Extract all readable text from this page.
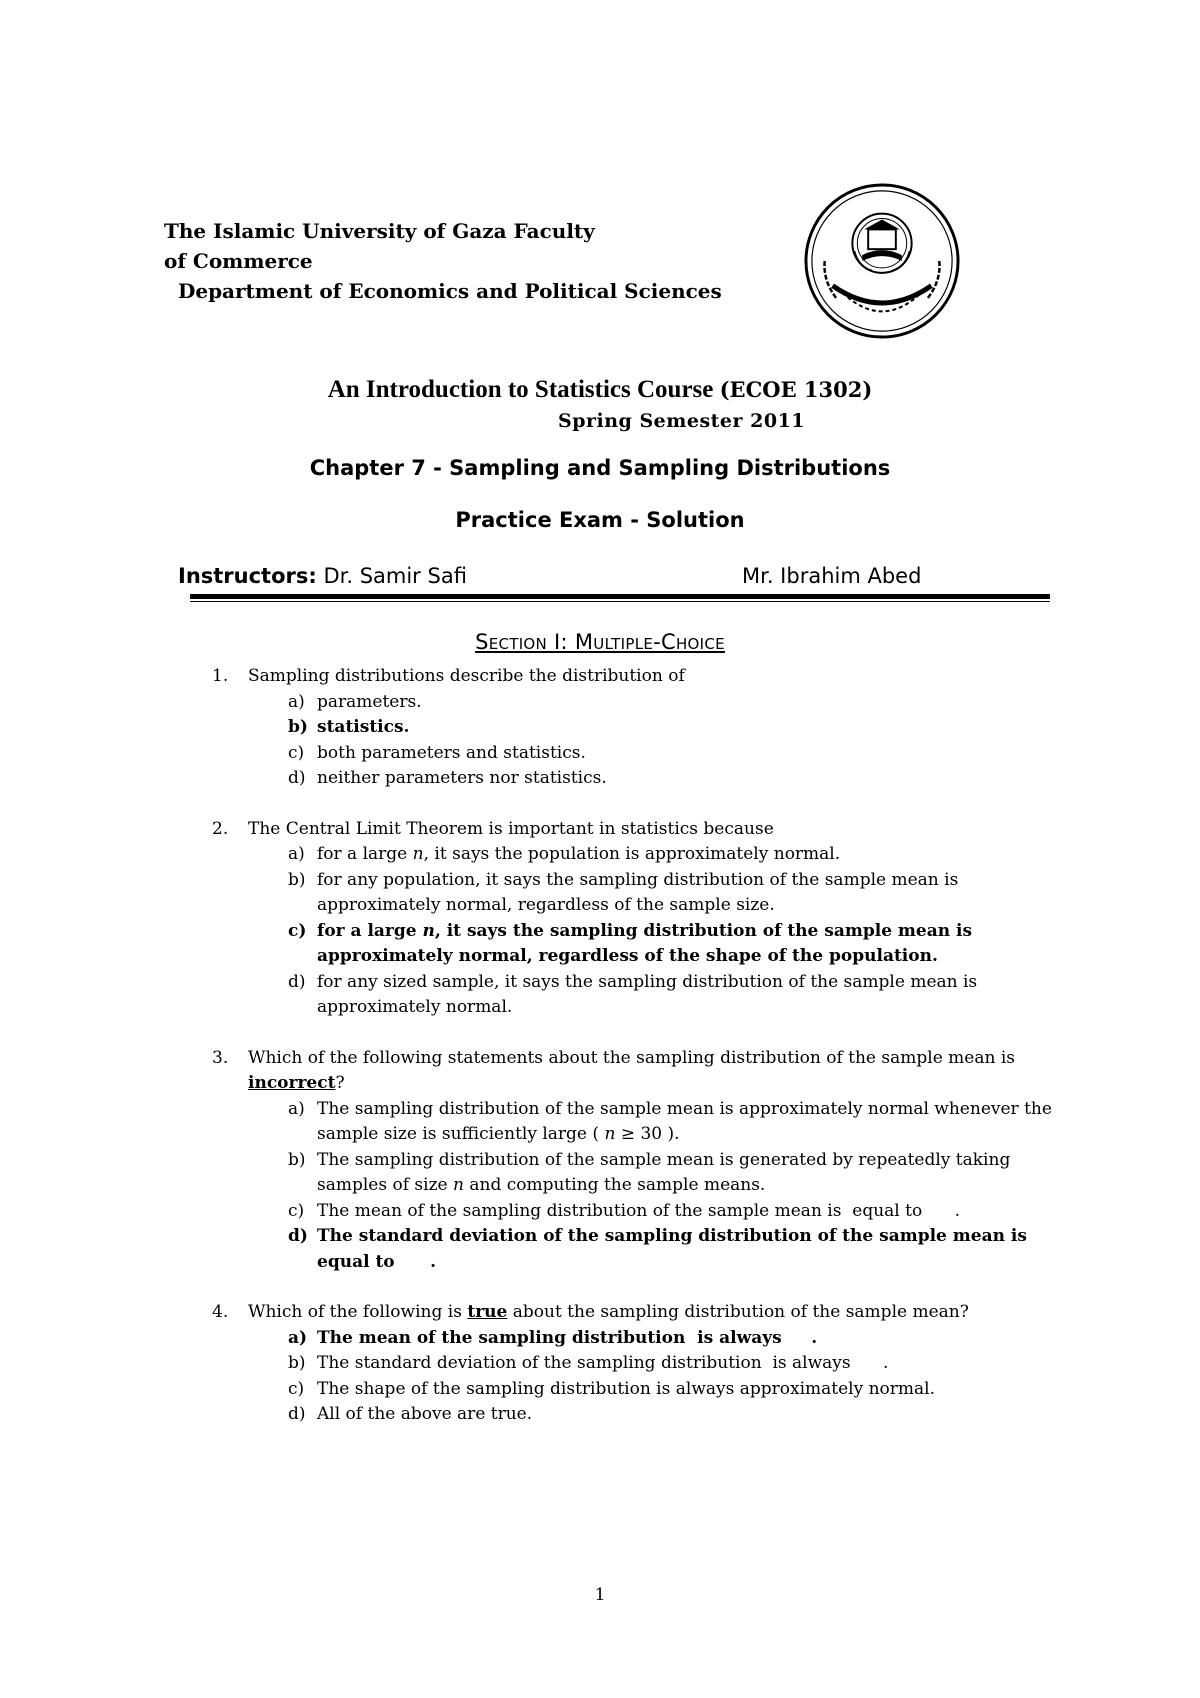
The Islamic University of Gaza Faculty
of Commerce
Department of Economics and Political Sciences
An Introduction to Statistics Course (ECOE 1302)
Spring Semester 2011
Chapter 7 - Sampling and Sampling Distributions
Practice Exam - Solution
Instructors: Dr. Samir Safi	Mr. Ibrahim Abed
Section I: Multiple-Choice
1.	Sampling distributions describe the distribution of
a) parameters.
b) statistics.
c) both parameters and statistics.
d) neither parameters nor statistics.
2.	The Central Limit Theorem is important in statistics because
a) for a large n, it says the population is approximately normal.
b) for any population, it says the sampling distribution of the sample mean is approximately normal, regardless of the sample size.
c) for a large n, it says the sampling distribution of the sample mean is approximately normal, regardless of the shape of the population.
d) for any sized sample, it says the sampling distribution of the sample mean is approximately normal.
3.	Which of the following statements about the sampling distribution of the sample mean is incorrect?
a) The sampling distribution of the sample mean is approximately normal whenever the sample size is sufficiently large ( n ≥ 30 ).
b) The sampling distribution of the sample mean is generated by repeatedly taking samples of size n and computing the sample means.
c) The mean of the sampling distribution of the sample mean is  equal to      .
d) The standard deviation of the sampling distribution of the sample mean is equal to      .
4.	Which of the following is true about the sampling distribution of the sample mean?
a) The mean of the sampling distribution  is always     .
b) The standard deviation of the sampling distribution  is always      .
c) The shape of the sampling distribution is always approximately normal.
d) All of the above are true.
1
